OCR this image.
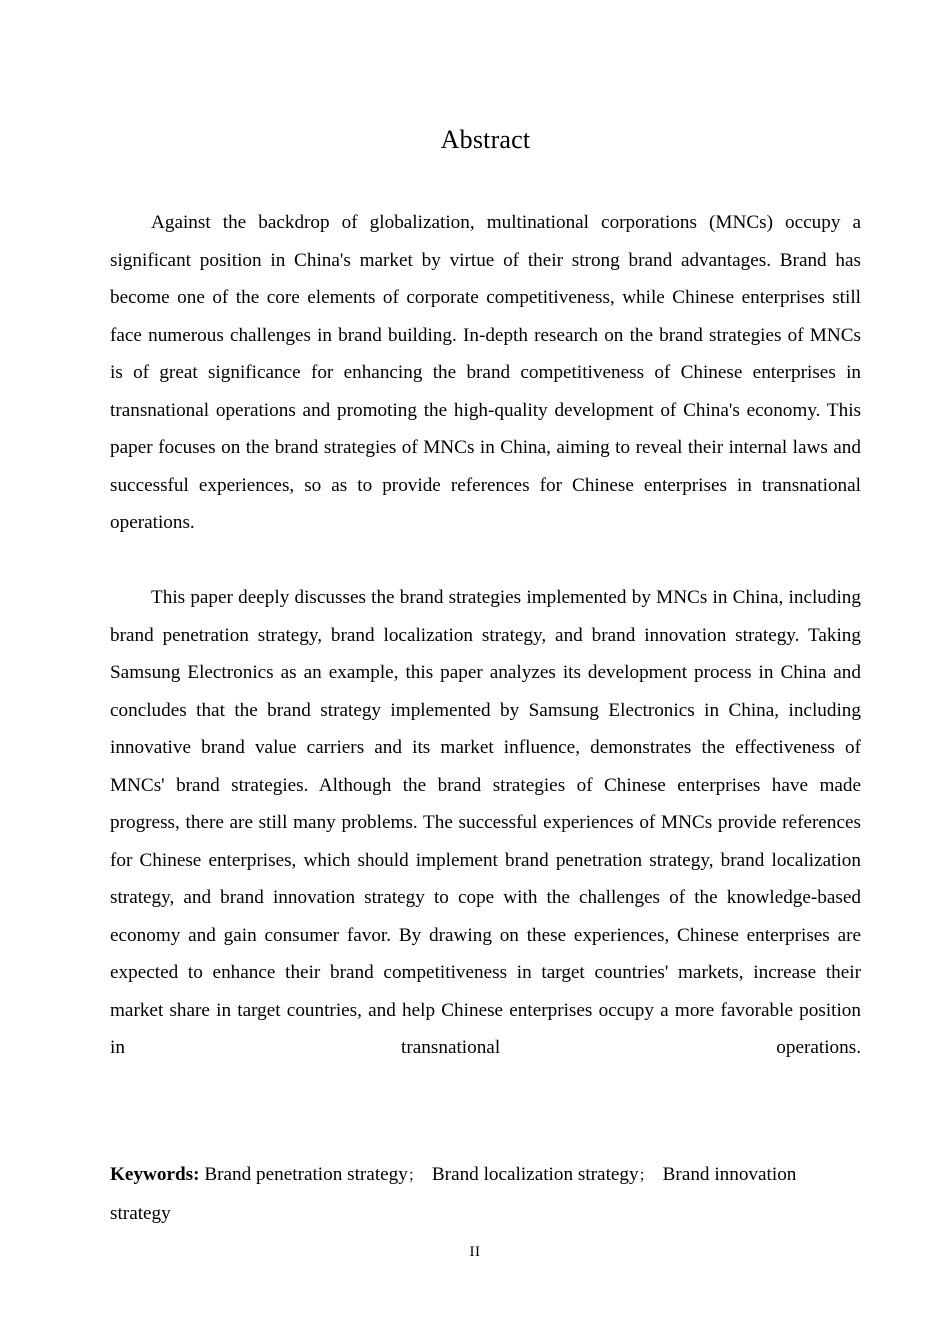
Abstract

Against the backdrop of globalization, multinational corporations (MNCs) occupy a significant position in China's market by virtue of their strong brand advantages. Brand has become one of the core elements of corporate competitiveness, while Chinese enterprises still face numerous challenges in brand building. In-depth research on the brand strategies of MNCs is of great significance for enhancing the brand competitiveness of Chinese enterprises in transnational operations and promoting the high-quality development of China's economy. This paper focuses on the brand strategies of MNCs in China, aiming to reveal their internal laws and successful experiences, so as to provide references for Chinese enterprises in transnational operations.

This paper deeply discusses the brand strategies implemented by MNCs in China, including brand penetration strategy, brand localization strategy, and brand innovation strategy. Taking Samsung Electronics as an example, this paper analyzes its development process in China and concludes that the brand strategy implemented by Samsung Electronics in China, including innovative brand value carriers and its market influence, demonstrates the effectiveness of MNCs' brand strategies. Although the brand strategies of Chinese enterprises have made progress, there are still many problems. The successful experiences of MNCs provide references for Chinese enterprises, which should implement brand penetration strategy, brand localization strategy, and brand innovation strategy to cope with the challenges of the knowledge-based economy and gain consumer favor. By drawing on these experiences, Chinese enterprises are expected to enhance their brand competitiveness in target countries' markets, increase their market share in target countries, and help Chinese enterprises occupy a more favorable position in transnational operations.

Keywords: Brand penetration strategy； Brand localization strategy； Brand innovation strategy

II
